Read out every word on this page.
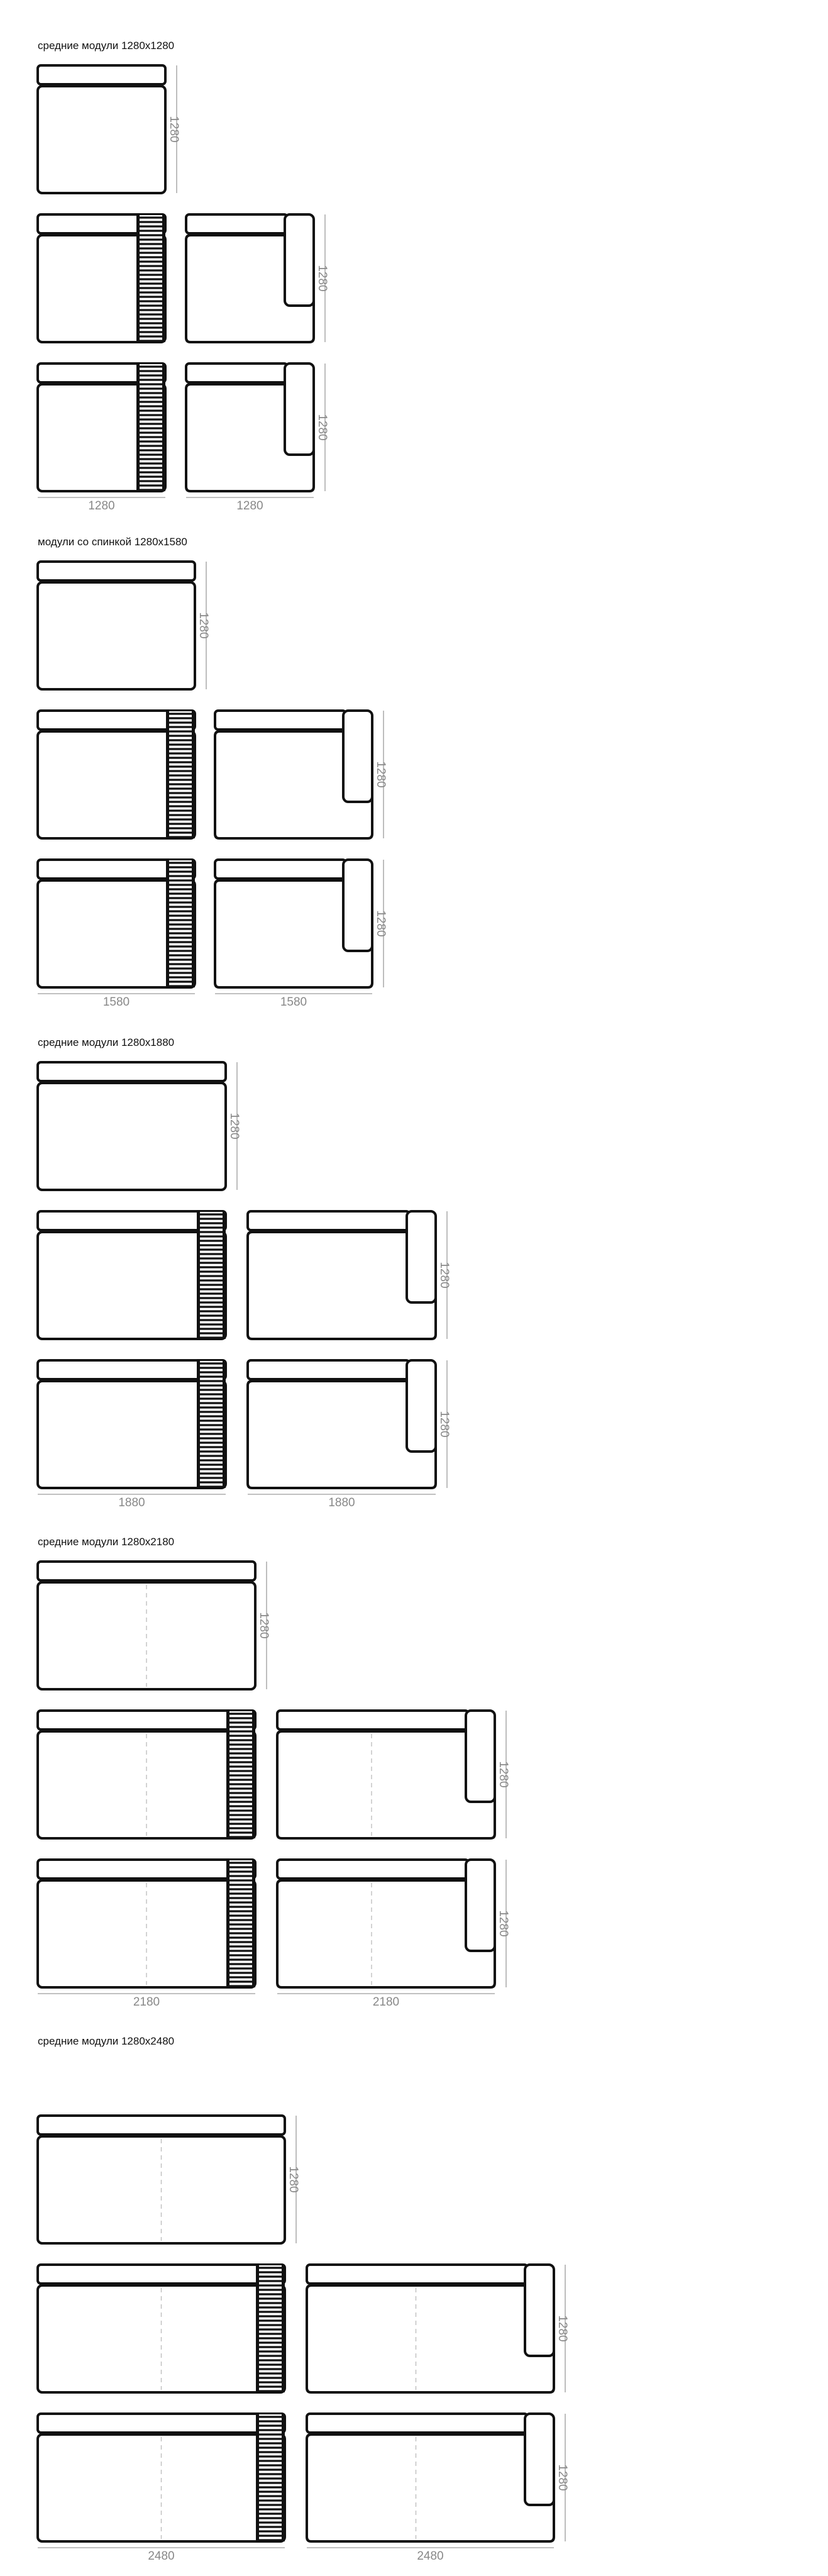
средние модули 1280х1280
1280
1280
1280
1280	1280
модули со спинкой 1280х1580
1280
1280
1280
1580	1580
средние модули 1280х1880
1280
1280
1280
1880	1880
средние модули 1280х2180
1280
1280
1280
2180	2180
средние модули 1280х2480
1280
1280
1280
2480	2480
